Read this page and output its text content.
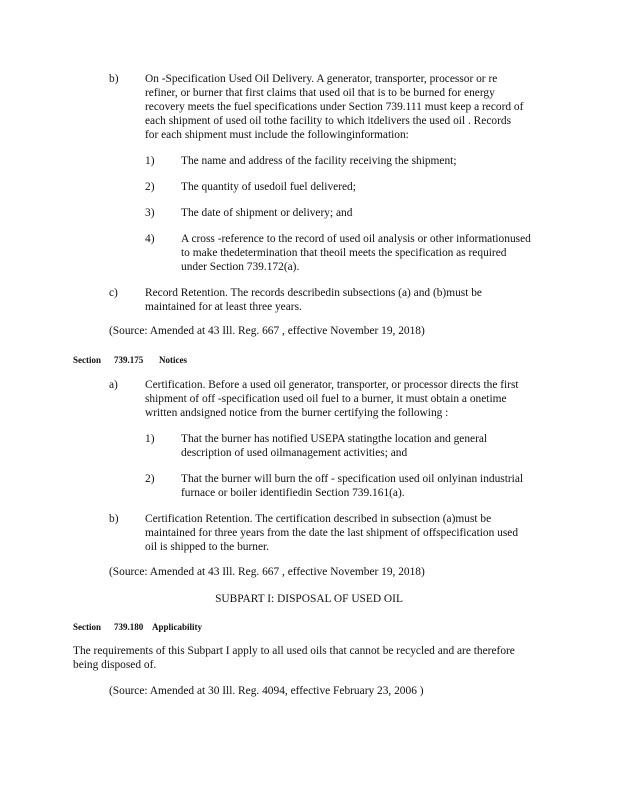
b) On -Specification Used Oil Delivery. A generator, transporter, processor or re
refiner, or burner that first claims that used oil that is to be burned for energy
recovery meets the fuel specifications under Section 739.111 must keep a record of
each shipment of used oil tothe facility to which itdelivers the used oil . Records
for each shipment must include the followinginformation:
1) The name and address of the facility receiving the shipment;
2) The quantity of usedoil fuel delivered;
3) The date of shipment or delivery; and
4) A cross -reference to the record of used oil analysis or other informationused
to make thedetermination that theoil meets the specification as required
under Section 739.172(a).
c) Record Retention. The records describedin subsections (a) and (b)must be
maintained for at least three years.
(Source: Amended at 43 Ill. Reg. 667 , effective November 19, 2018)
Section 739.175 Notices
a) Certification. Before a used oil generator, transporter, or processor directs the first
shipment of off -specification used oil fuel to a burner, it must obtain a onetime
written andsigned notice from the burner certifying the following :
1) That the burner has notified USEPA statingthe location and general
description of used oilmanagement activities; and
2) That the burner will burn the off - specification used oil onlyinan industrial
furnace or boiler identifiedin Section 739.161(a).
b) Certification Retention. The certification described in subsection (a)must be
maintained for three years from the date the last shipment of offspecification used
oil is shipped to the burner.
(Source: Amended at 43 Ill. Reg. 667 , effective November 19, 2018)
SUBPART I: DISPOSAL OF USED OIL
Section 739.180 Applicability
The requirements of this Subpart I apply to all used oils that cannot be recycled and are therefore
being disposed of.
(Source: Amended at 30 Ill. Reg. 4094, effective February 23, 2006 )
